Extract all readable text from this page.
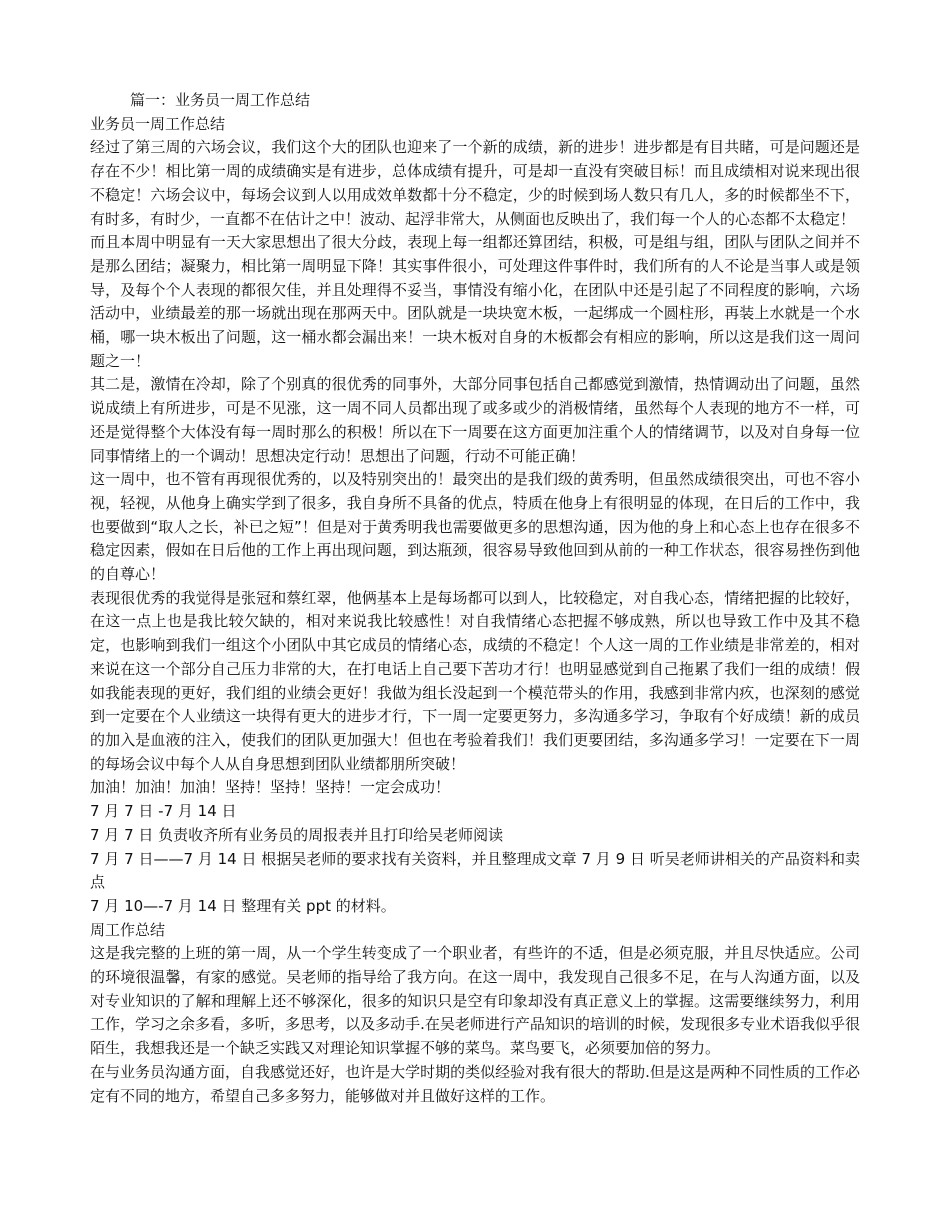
篇一：业务员一周工作总结

业务员一周工作总结

经过了第三周的六场会议，我们这个大的团队也迎来了一个新的成绩，新的进步！进步都是有目共睹，可是问题还是存在不少！相比第一周的成绩确实是有进步，总体成绩有提升，可是却一直没有突破目标！而且成绩相对说来现出很不稳定！六场会议中，每场会议到人以用成效单数都十分不稳定，少的时候到场人数只有几人，多的时候都坐不下，有时多，有时少，一直都不在估计之中！波动、起浮非常大，从侧面也反映出了，我们每一个人的心态都不太稳定！

而且本周中明显有一天大家思想出了很大分歧，表现上每一组都还算团结，积极，可是组与组，团队与团队之间并不是那么团结；凝聚力，相比第一周明显下降！其实事件很小，可处理这件事件时，我们所有的人不论是当事人或是领导，及每个个人表现的都很欠佳，并且处理得不妥当，事情没有缩小化，在团队中还是引起了不同程度的影响，六场活动中，业绩最差的那一场就出现在那两天中。团队就是一块块宽木板，一起绑成一个圆柱形，再装上水就是一个水桶，哪一块木板出了问题，这一桶水都会漏出来！一块木板对自身的木板都会有相应的影响，所以这是我们这一周问题之一！

其二是，激情在冷却，除了个别真的很优秀的同事外，大部分同事包括自己都感觉到激情，热情调动出了问题，虽然说成绩上有所进步，可是不见涨，这一周不同人员都出现了或多或少的消极情绪，虽然每个人表现的地方不一样，可还是觉得整个大体没有每一周时那么的积极！所以在下一周要在这方面更加注重个人的情绪调节，以及对自身每一位同事情绪上的一个调动！思想决定行动！思想出了问题，行动不可能正确！

这一周中，也不管有再现很优秀的，以及特别突出的！最突出的是我们级的黄秀明，但虽然成绩很突出，可也不容小视，轻视，从他身上确实学到了很多，我自身所不具备的优点，特质在他身上有很明显的体现，在日后的工作中，我也要做到“取人之长，补已之短”！但是对于黄秀明我也需要做更多的思想沟通，因为他的身上和心态上也存在很多不稳定因素，假如在日后他的工作上再出现问题，到达瓶颈，很容易导致他回到从前的一种工作状态，很容易挫伤到他的自尊心！

表现很优秀的我觉得是张冠和蔡红翠，他俩基本上是每场都可以到人，比较稳定，对自我心态，情绪把握的比较好，在这一点上也是我比较欠缺的，相对来说我比较感性！对自我情绪心态把握不够成熟，所以也导致工作中及其不稳定，也影响到我们一组这个小团队中其它成员的情绪心态，成绩的不稳定！个人这一周的工作业绩是非常差的，相对来说在这一个部分自己压力非常的大，在打电话上自己要下苦功才行！也明显感觉到自己拖累了我们一组的成绩！假如我能表现的更好，我们组的业绩会更好！我做为组长没起到一个模范带头的作用，我感到非常内疚，也深刻的感觉到一定要在个人业绩这一块得有更大的进步才行，下一周一定要更努力，多沟通多学习，争取有个好成绩！新的成员的加入是血液的注入，使我们的团队更加强大！但也在考验着我们！我们更要团结，多沟通多学习！一定要在下一周的每场会议中每个人从自身思想到团队业绩都朋所突破！

加油！加油！加油！坚持！坚持！坚持！一定会成功！

7 月 7 日 -7 月 14 日

7 月 7 日 负责收齐所有业务员的周报表并且打印给吴老师阅读

7 月 7 日——7 月 14 日 根据吴老师的要求找有关资料，并且整理成文章 7 月 9 日 听吴老师讲相关的产品资料和卖点

7 月 10—-7 月 14 日 整理有关 ppt 的材料。

周工作总结

这是我完整的上班的第一周，从一个学生转变成了一个职业者，有些许的不适，但是必须克服，并且尽快适应。公司的环境很温馨，有家的感觉。吴老师的指导给了我方向。在这一周中，我发现自己很多不足，在与人沟通方面，以及对专业知识的了解和理解上还不够深化，很多的知识只是空有印象却没有真正意义上的掌握。这需要继续努力，利用工作，学习之余多看，多听，多思考，以及多动手.在吴老师进行产品知识的培训的时候，发现很多专业术语我似乎很陌生，我想我还是一个缺乏实践又对理论知识掌握不够的菜鸟。菜鸟要飞，必须要加倍的努力。

在与业务员沟通方面，自我感觉还好，也许是大学时期的类似经验对我有很大的帮助.但是这是两种不同性质的工作必定有不同的地方，希望自己多多努力，能够做对并且做好这样的工作。
